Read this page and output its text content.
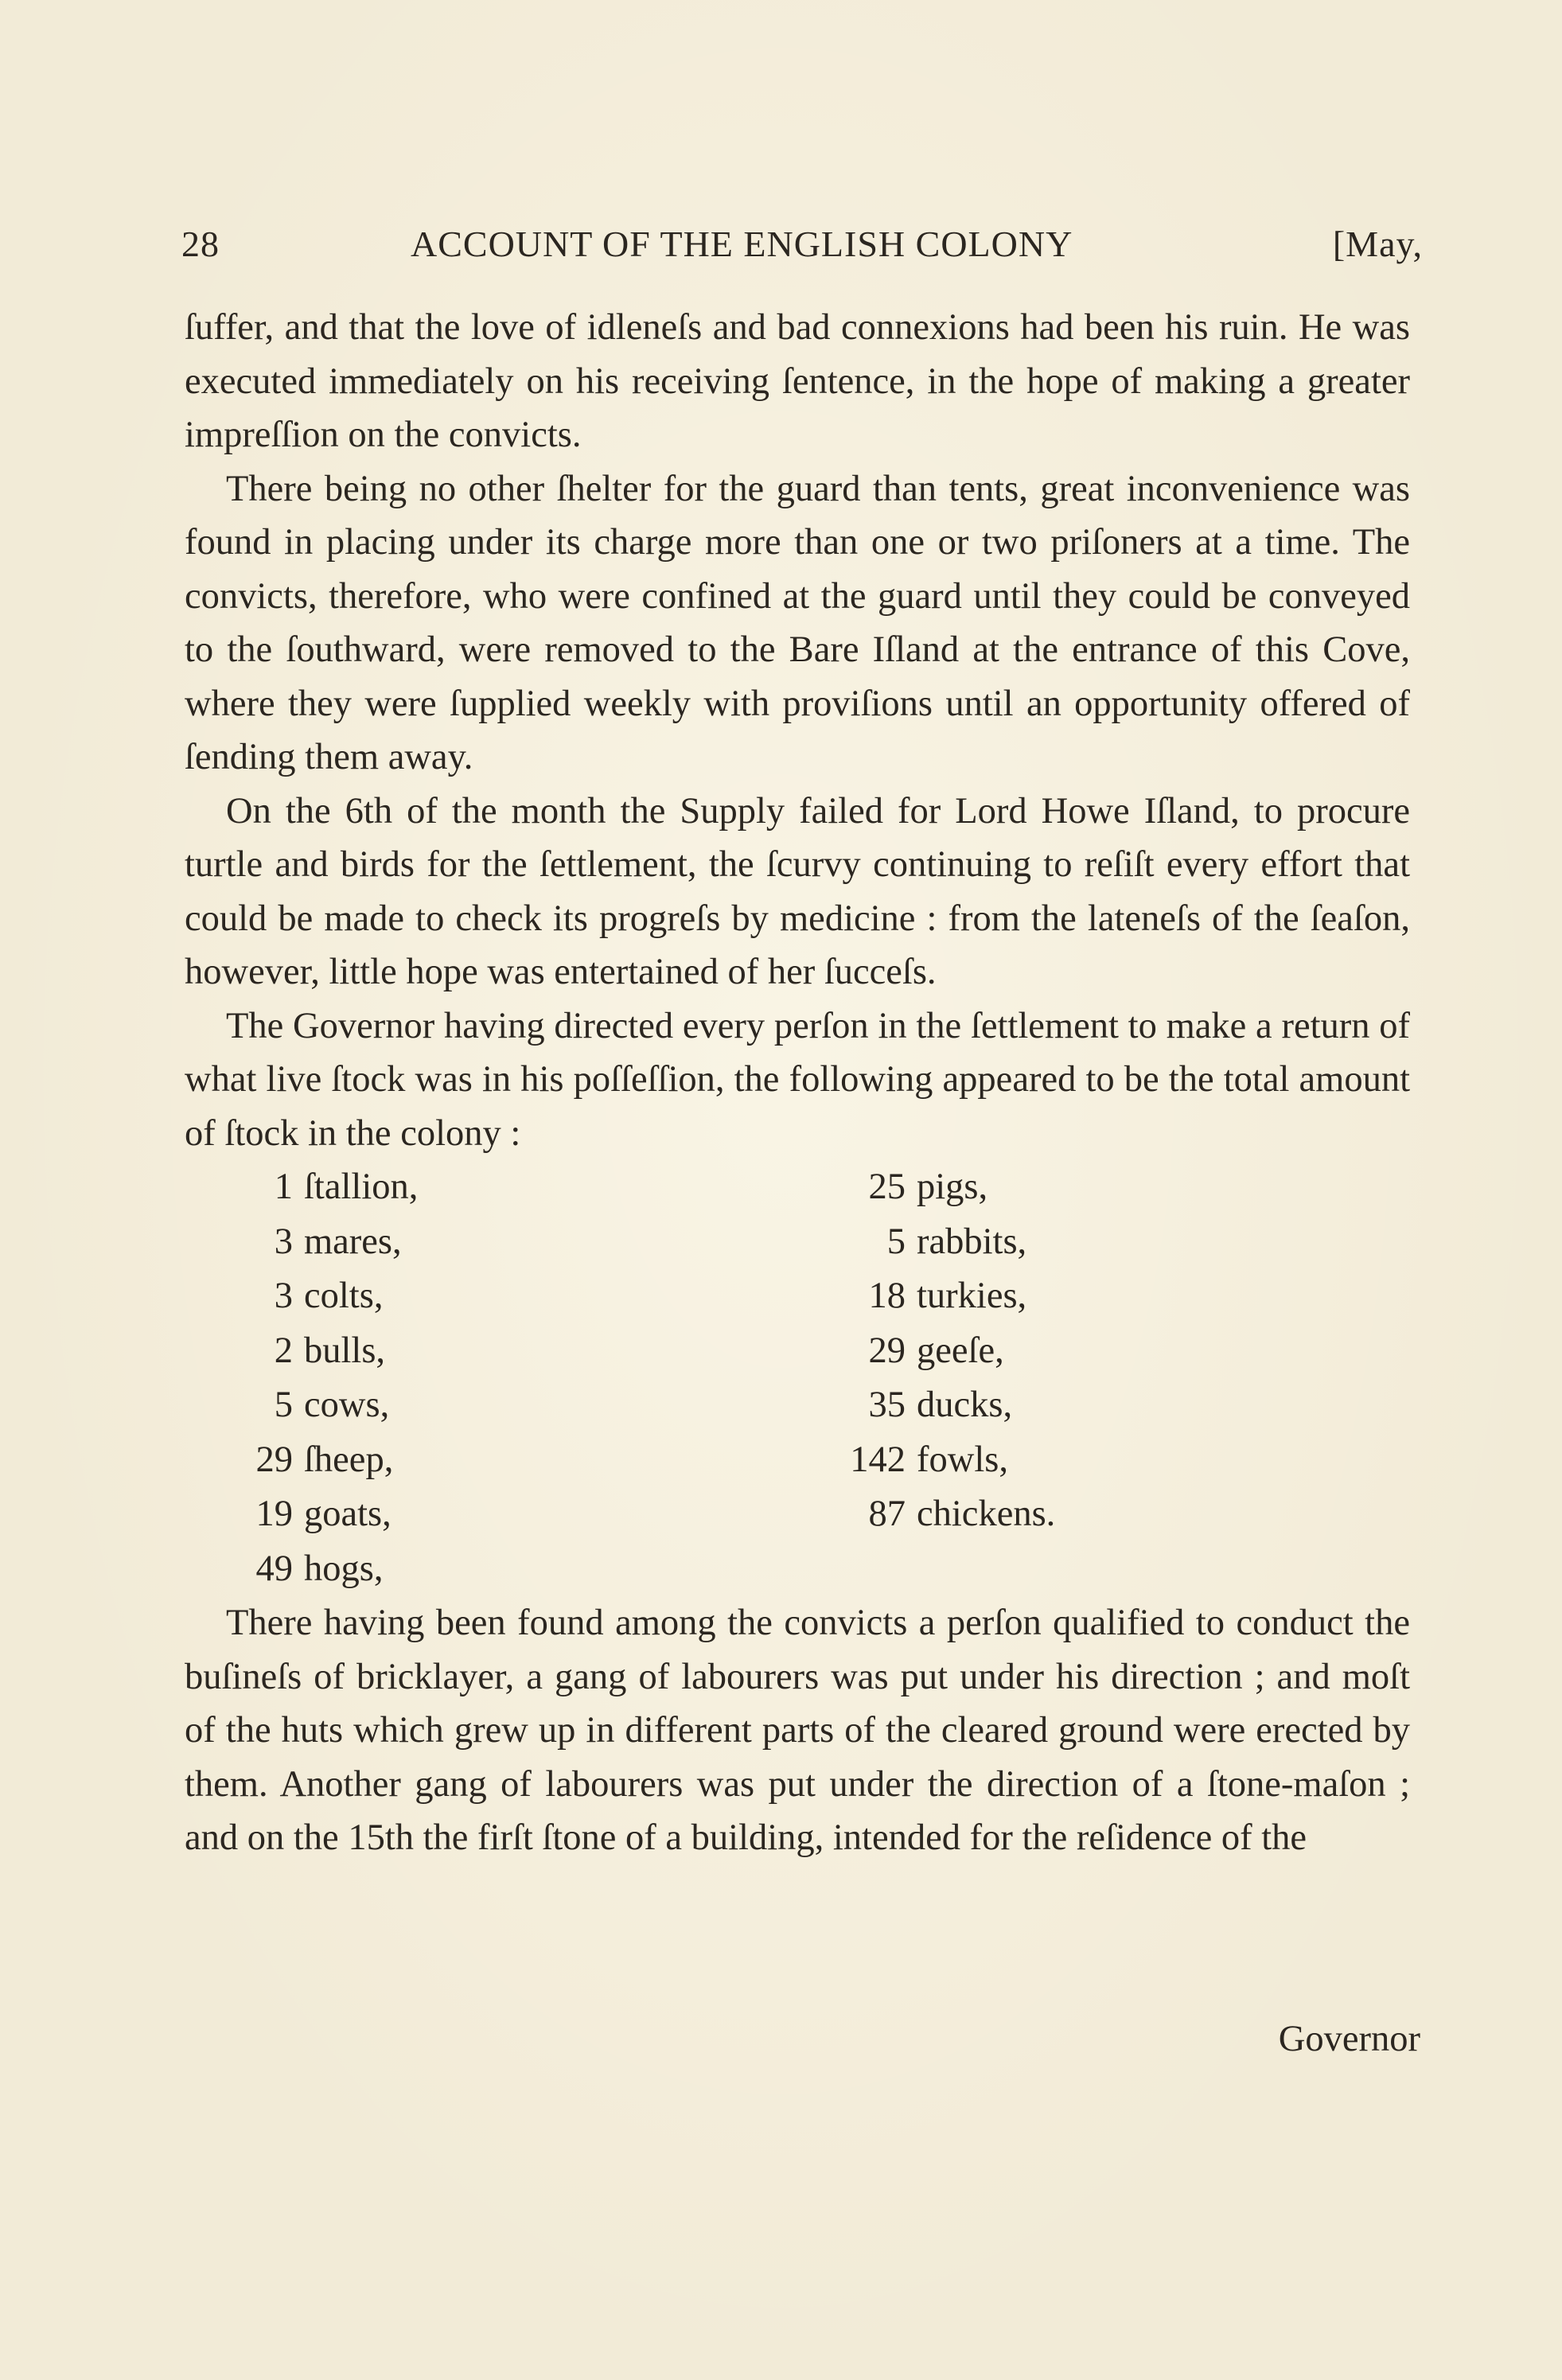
28	ACCOUNT OF THE ENGLISH COLONY	[May,

ſuffer, and that the love of idleneſs and bad connexions had been his ruin. He was executed immediately on his receiving ſentence, in the hope of making a greater impreſſion on the convicts.

There being no other ſhelter for the guard than tents, great inconvenience was found in placing under its charge more than one or two priſoners at a time. The convicts, therefore, who were confined at the guard until they could be conveyed to the ſouthward, were removed to the Bare Iſland at the entrance of this Cove, where they were ſupplied weekly with proviſions until an opportunity offered of ſending them away.

On the 6th of the month the Supply failed for Lord Howe Iſland, to procure turtle and birds for the ſettlement, the ſcurvy continuing to reſiſt every effort that could be made to check its progreſs by medicine : from the lateneſs of the ſeaſon, however, little hope was entertained of her ſucceſs.

The Governor having directed every perſon in the ſettlement to make a return of what live ſtock was in his poſſeſſion, the following appeared to be the total amount of ſtock in the colony :

1 ſtallion,	25 pigs,
3 mares,	5 rabbits,
3 colts,	18 turkies,
2 bulls,	29 geeſe,
5 cows,	35 ducks,
29 ſheep,	142 fowls,
19 goats,	87 chickens.
49 hogs,

There having been found among the convicts a perſon qualified to conduct the buſineſs of bricklayer, a gang of labourers was put under his direction ; and moſt of the huts which grew up in different parts of the cleared ground were erected by them. Another gang of labourers was put under the direction of a ſtone-maſon ; and on the 15th the firſt ſtone of a building, intended for the reſidence of the

Governor
